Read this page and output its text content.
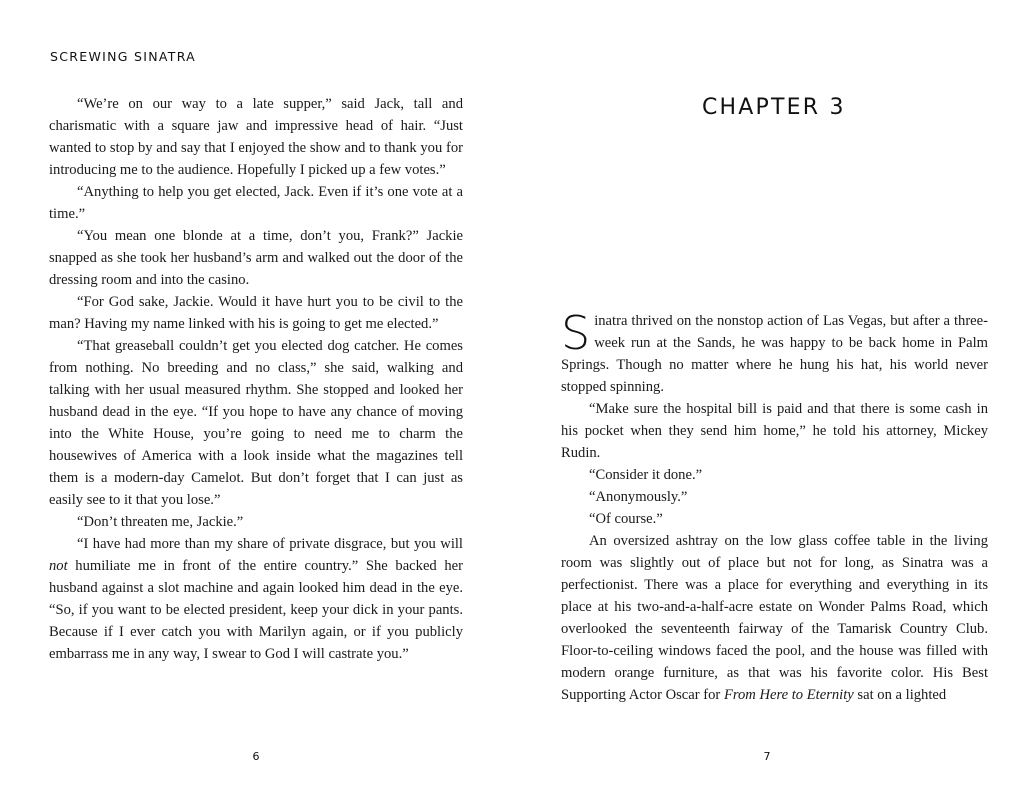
SCREWING SINATRA

“We’re on our way to a late supper,” said Jack, tall and charismatic with a square jaw and impressive head of hair. “Just wanted to stop by and say that I enjoyed the show and to thank you for introducing me to the audience. Hopefully I picked up a few votes.”

“Anything to help you get elected, Jack. Even if it’s one vote at a time.”

“You mean one blonde at a time, don’t you, Frank?” Jackie snapped as she took her husband’s arm and walked out the door of the dressing room and into the casino.

“For God sake, Jackie. Would it have hurt you to be civil to the man? Having my name linked with his is going to get me elected.”

“That greaseball couldn’t get you elected dog catcher. He comes from nothing. No breeding and no class,” she said, walking and talking with her usual measured rhythm. She stopped and looked her husband dead in the eye. “If you hope to have any chance of moving into the White House, you’re going to need me to charm the housewives of America with a look inside what the magazines tell them is a modern-day Camelot. But don’t forget that I can just as easily see to it that you lose.”

“Don’t threaten me, Jackie.”

“I have had more than my share of private disgrace, but you will not humiliate me in front of the entire country.” She backed her husband against a slot machine and again looked him dead in the eye. “So, if you want to be elected president, keep your dick in your pants. Because if I ever catch you with Marilyn again, or if you publicly embarrass me in any way, I swear to God I will castrate you.”

6
CHAPTER 3

Sinatra thrived on the nonstop action of Las Vegas, but after a three-week run at the Sands, he was happy to be back home in Palm Springs. Though no matter where he hung his hat, his world never stopped spinning.

“Make sure the hospital bill is paid and that there is some cash in his pocket when they send him home,” he told his attorney, Mickey Rudin.

“Consider it done.”

“Anonymously.”

“Of course.”

An oversized ashtray on the low glass coffee table in the living room was slightly out of place but not for long, as Sinatra was a perfectionist. There was a place for everything and everything in its place at his two-and-a-half-acre estate on Wonder Palms Road, which overlooked the seventeenth fairway of the Tamarisk Country Club. Floor-to-ceiling windows faced the pool, and the house was filled with modern orange furniture, as that was his favorite color. His Best Supporting Actor Oscar for From Here to Eternity sat on a lighted

7
